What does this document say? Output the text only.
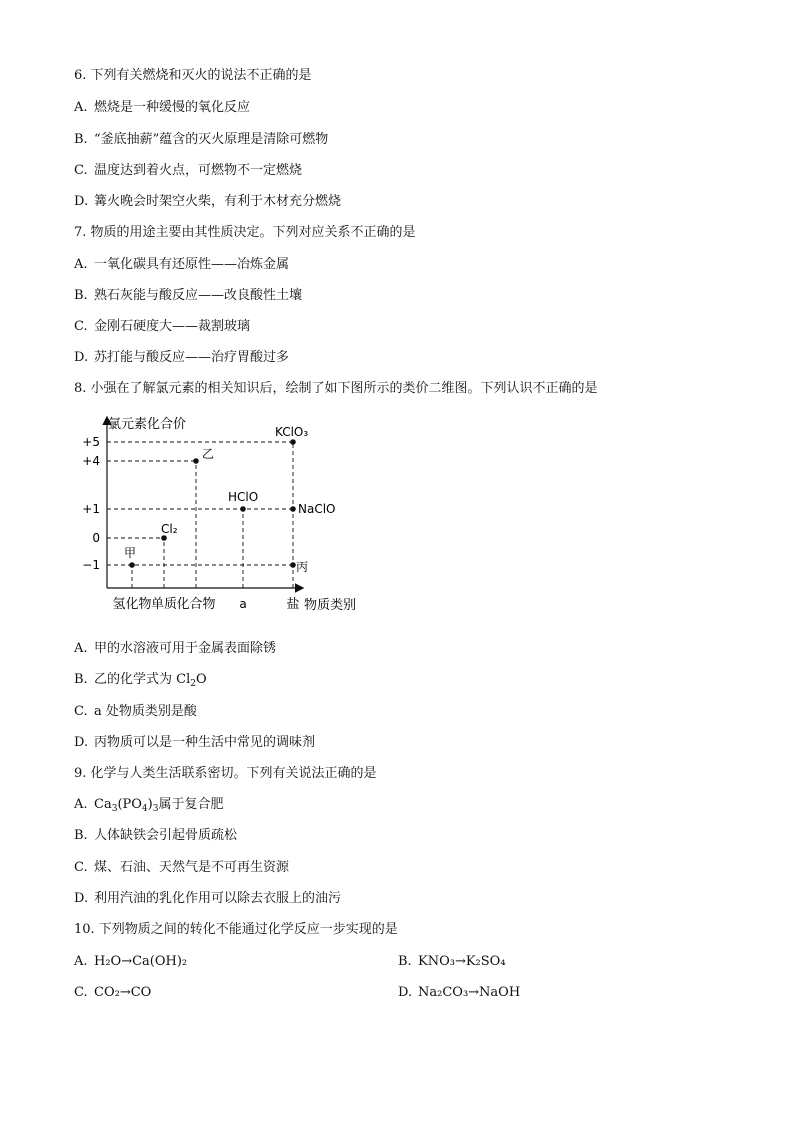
6. 下列有关燃烧和灭火的说法不正确的是
A. 燃烧是一种缓慢的氧化反应
B. “釜底抽薪”蕴含的灭火原理是清除可燃物
C. 温度达到着火点，可燃物不一定燃烧
D. 篝火晚会时架空火柴，有利于木材充分燃烧
7. 物质的用途主要由其性质决定。下列对应关系不正确的是
A. 一氧化碳具有还原性——冶炼金属
B. 熟石灰能与酸反应——改良酸性土壤
C. 金刚石硬度大——裁割玻璃
D. 苏打能与酸反应——治疗胃酸过多
8. 小强在了解氯元素的相关知识后，绘制了如下图所示的类价二维图。下列认识不正确的是
氯元素化合价
物质类别
+5
+4
+1
0
−1
氢化物 单质 化合物 a	盐
甲
Cl₂
乙
HClO
KClO₃
NaClO
丙
A. 甲的水溶液可用于金属表面除锈
B. 乙的化学式为 $Cl_2O$
C. a 处物质类别是酸
D. 丙物质可以是一种生活中常见的调味剂
9. 化学与人类生活联系密切。下列有关说法正确的是
A. $Ca_3(PO_4)_3$属于复合肥
B. 人体缺铁会引起骨质疏松
C. 煤、石油、天然气是不可再生资源
D. 利用汽油的乳化作用可以除去衣服上的油污
10. 下列物质之间的转化不能通过化学反应一步实现的是
A. H₂O→Ca(OH)₂	B. KNO₃→K₂SO₄
C. CO₂→CO	D. Na₂CO₃→NaOH
